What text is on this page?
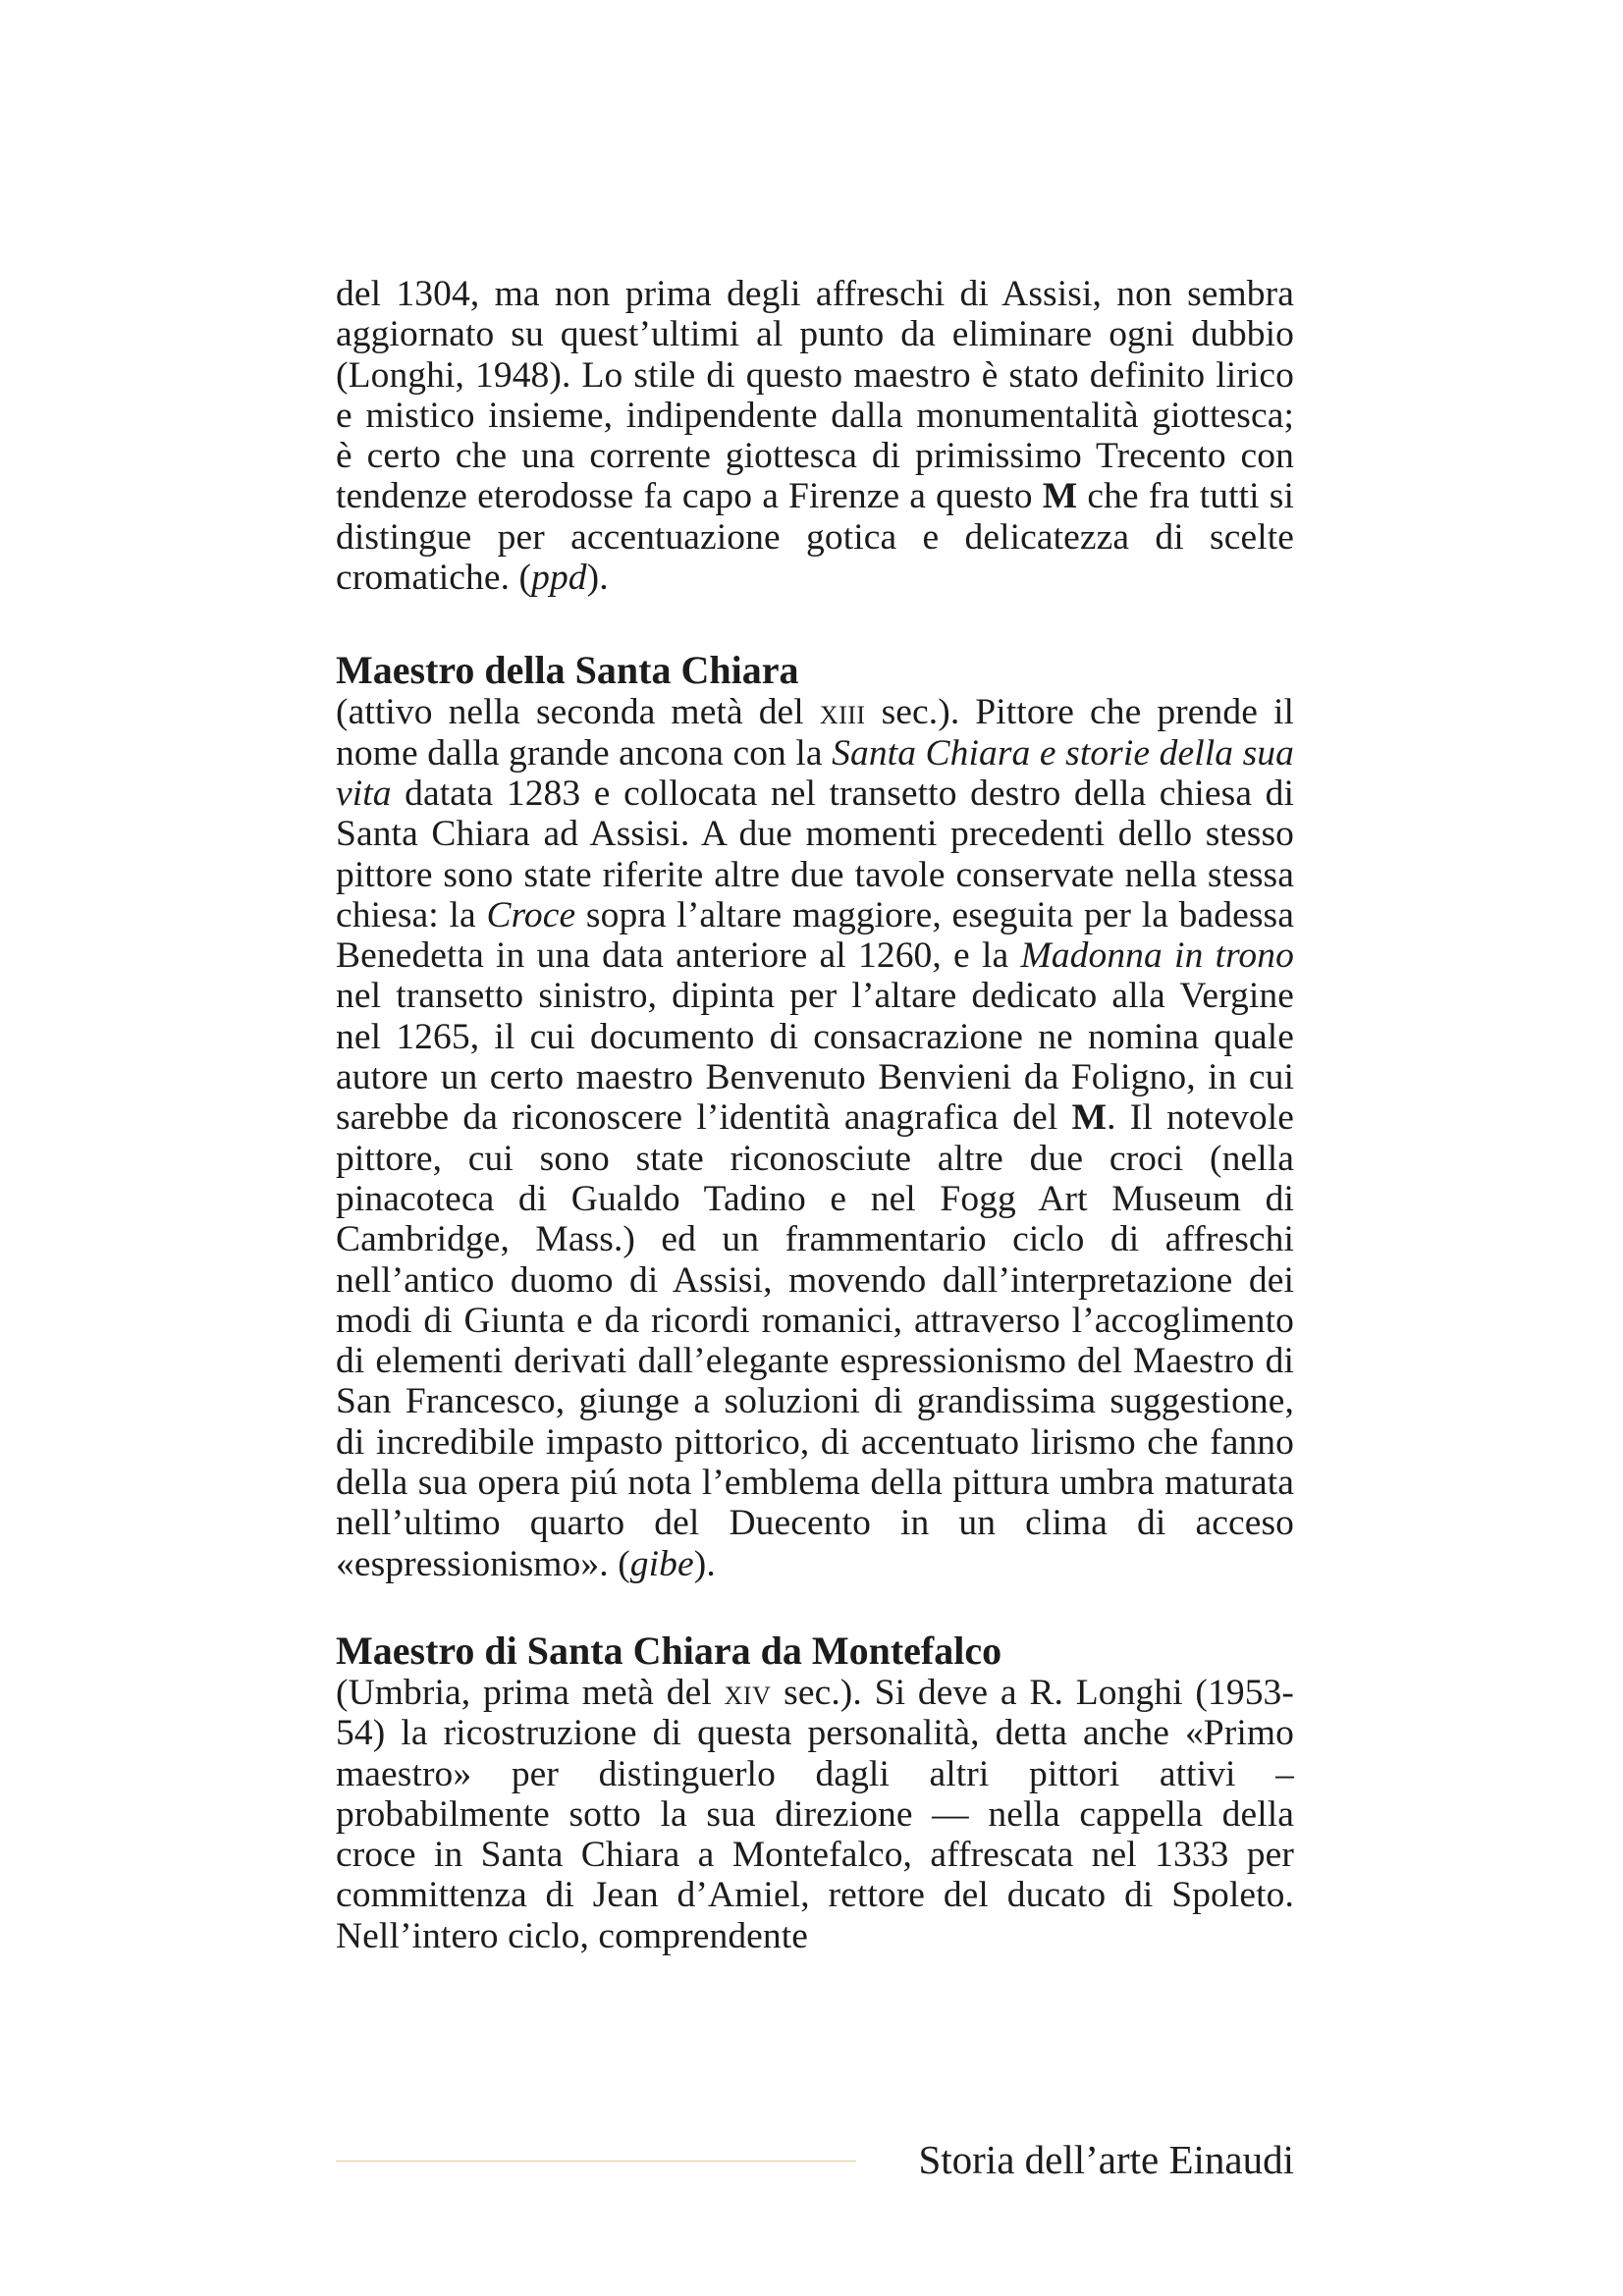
del 1304, ma non prima degli affreschi di Assisi, non sembra aggiornato su quest’ultimi al punto da eliminare ogni dubbio (Longhi, 1948). Lo stile di questo maestro è stato definito lirico e mistico insieme, indipendente dalla monumentalità giottesca; è certo che una corrente giottesca di primissimo Trecento con tendenze eterodosse fa capo a Firenze a questo M che fra tutti si distingue per accentuazione gotica e delicatezza di scelte cromatiche. (ppd).

Maestro della Santa Chiara

(attivo nella seconda metà del xiii sec.). Pittore che prende il nome dalla grande ancona con la Santa Chiara e storie della sua vita datata 1283 e collocata nel transetto destro della chiesa di Santa Chiara ad Assisi. A due momenti precedenti dello stesso pittore sono state riferite altre due tavole conservate nella stessa chiesa: la Croce sopra l’altare maggiore, eseguita per la badessa Benedetta in una data anteriore al 1260, e la Madonna in trono nel transetto sinistro, dipinta per l’altare dedicato alla Vergine nel 1265, il cui documento di consacrazione ne nomina quale autore un certo maestro Benvenuto Benvieni da Foligno, in cui sarebbe da riconoscere l’identità anagrafica del M. Il notevole pittore, cui sono state riconosciute altre due croci (nella pinacoteca di Gualdo Tadino e nel Fogg Art Museum di Cambridge, Mass.) ed un frammentario ciclo di affreschi nell’antico duomo di Assisi, movendo dall’interpretazione dei modi di Giunta e da ricordi romanici, attraverso l’accoglimento di elementi derivati dall’elegante espressionismo del Maestro di San Francesco, giunge a soluzioni di grandissima suggestione, di incredibile impasto pittorico, di accentuato lirismo che fanno della sua opera piú nota l’emblema della pittura umbra maturata nell’ultimo quarto del Duecento in un clima di acceso «espressionismo». (gibe).

Maestro di Santa Chiara da Montefalco

(Umbria, prima metà del xiv sec.). Si deve a R. Longhi (1953-54) la ricostruzione di questa personalità, detta anche «Primo maestro» per distinguerlo dagli altri pittori attivi – probabilmente sotto la sua direzione — nella cappella della croce in Santa Chiara a Montefalco, affrescata nel 1333 per committenza di Jean d’Amiel, rettore del ducato di Spoleto. Nell’intero ciclo, comprendente

Storia dell’arte Einaudi
